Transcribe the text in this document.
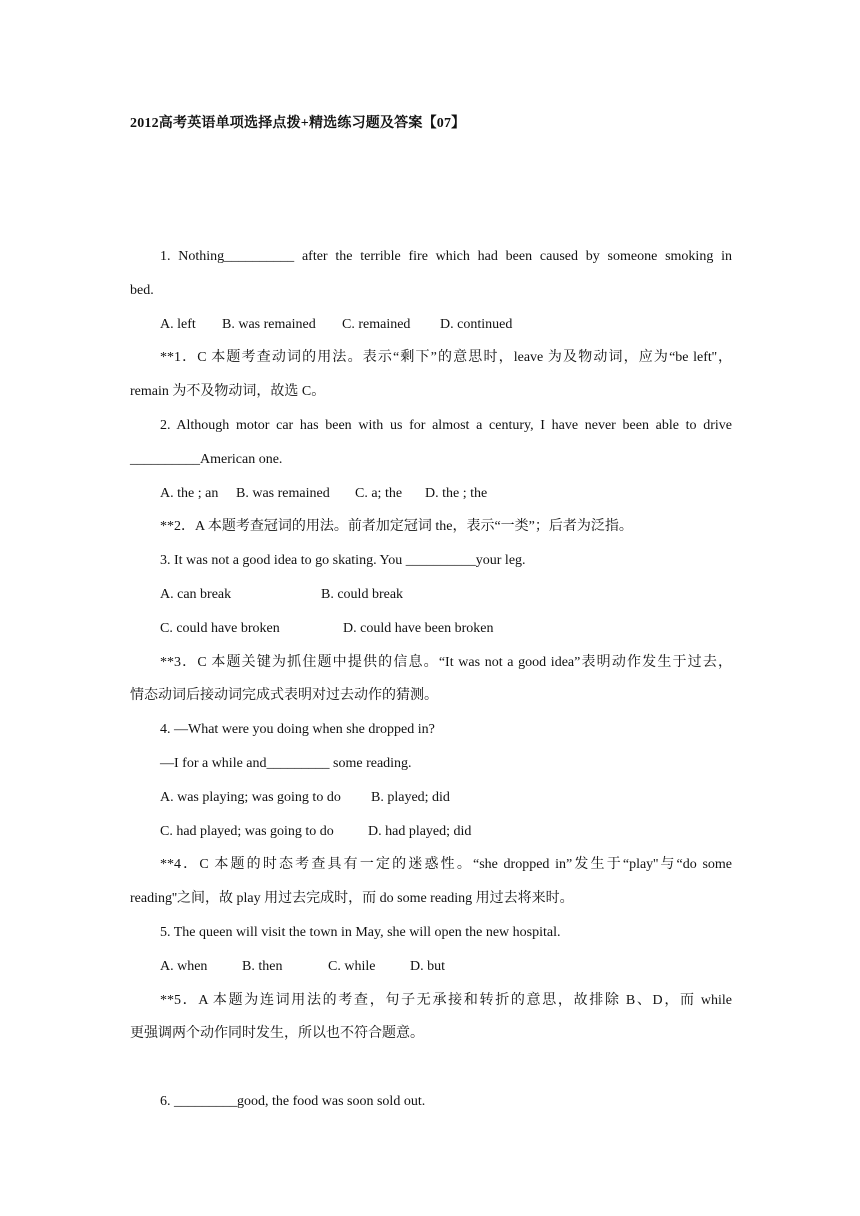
2012高考英语单项选择点拨+精选练习题及答案【07】
1. Nothing__________ after the terrible fire which had been caused by someone smoking in
bed.
A. left B. was remained C. remained D. continued
**1．C 本题考查动词的用法。表示“剩下”的意思时，leave 为及物动词，应为“be left''，
remain 为不及物动词，故选 C。
2. Although motor car has been with us for almost a century, I have never been able to drive
__________American one.
A. the ; an B. was remained C. a; the D. the ; the
**2．A 本题考查冠词的用法。前者加定冠词 the，表示“一类”；后者为泛指。
3. It was not a good idea to go skating. You __________your leg.
A. can break	B. could break
C. could have broken	D. could have been broken
**3．C 本题关键为抓住题中提供的信息。“It was not a good idea”表明动作发生于过去，
情态动词后接动词完成式表明对过去动作的猜测。
4. —What were you doing when she dropped in?
—I for a while and_________ some reading.
A. was playing; was going to do B. played; did
C. had played; was going to do D. had played; did
**4．C 本题的时态考查具有一定的迷惑性。“she dropped in”发生于“play''与“do some
reading''之间，故 play 用过去完成时，而 do some reading 用过去将来时。
5. The queen will visit the town in May, she will open the new hospital.
A. when B. then	C. while D. but
**5．A 本题为连词用法的考查，句子无承接和转折的意思，故排除 B、D，而 while
更强调两个动作同时发生，所以也不符合题意。
6. _________good, the food was soon sold out.
